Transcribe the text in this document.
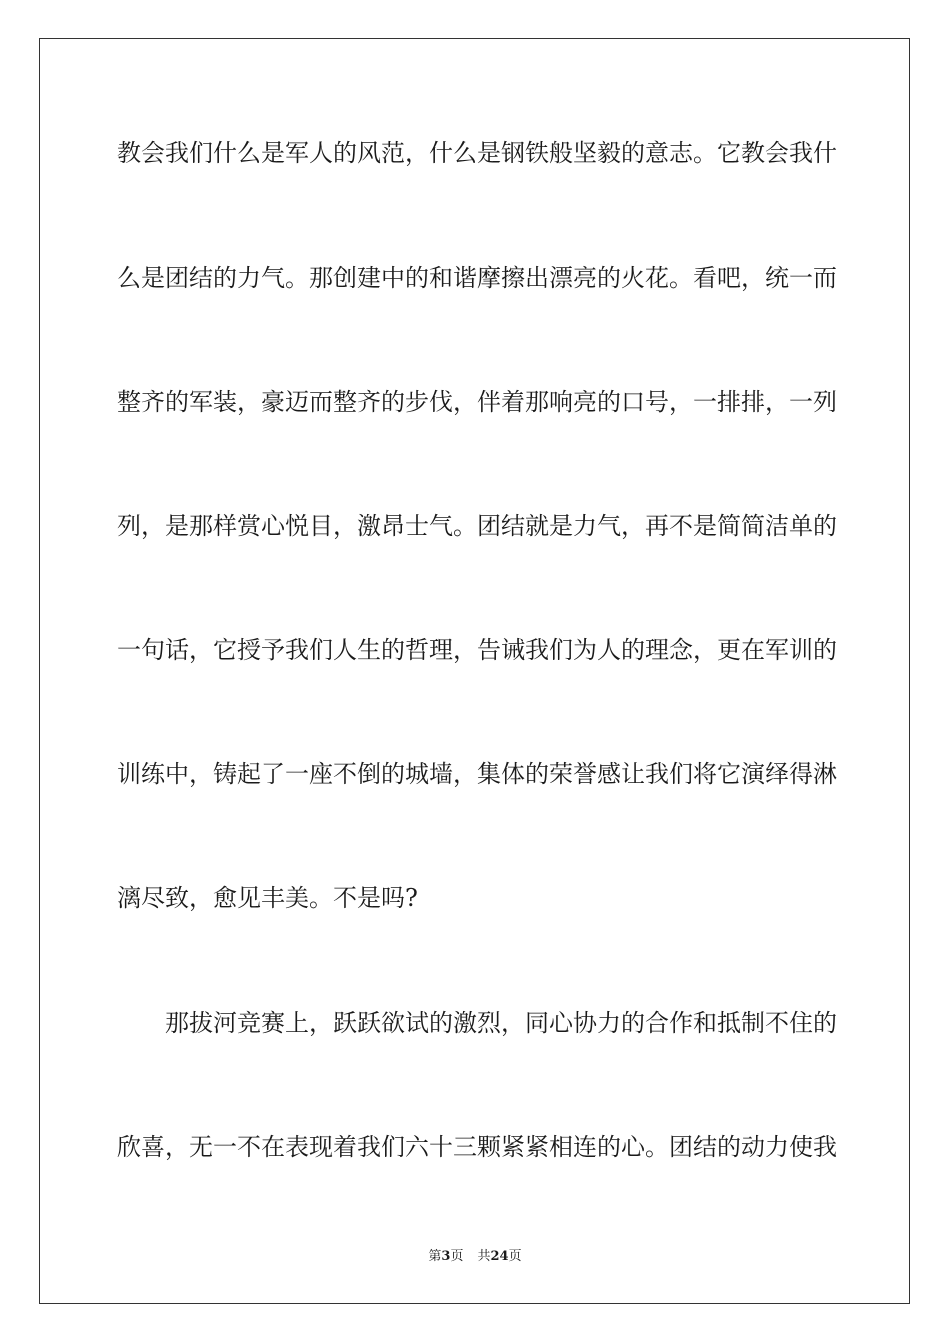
教会我们什么是军人的风范，什么是钢铁般坚毅的意志。它教会我什
么是团结的力气。那创建中的和谐摩擦出漂亮的火花。看吧，统一而
整齐的军装，豪迈而整齐的步伐，伴着那响亮的口号，一排排，一列
列，是那样赏心悦目，激昂士气。团结就是力气，再不是简简洁单的
一句话，它授予我们人生的哲理，告诫我们为人的理念，更在军训的
训练中，铸起了一座不倒的城墙，集体的荣誉感让我们将它演绎得淋
漓尽致，愈见丰美。不是吗?
那拔河竞赛上，跃跃欲试的激烈，同心协力的合作和抵制不住的
欣喜，无一不在表现着我们六十三颗紧紧相连的心。团结的动力使我
第3页 共24页
